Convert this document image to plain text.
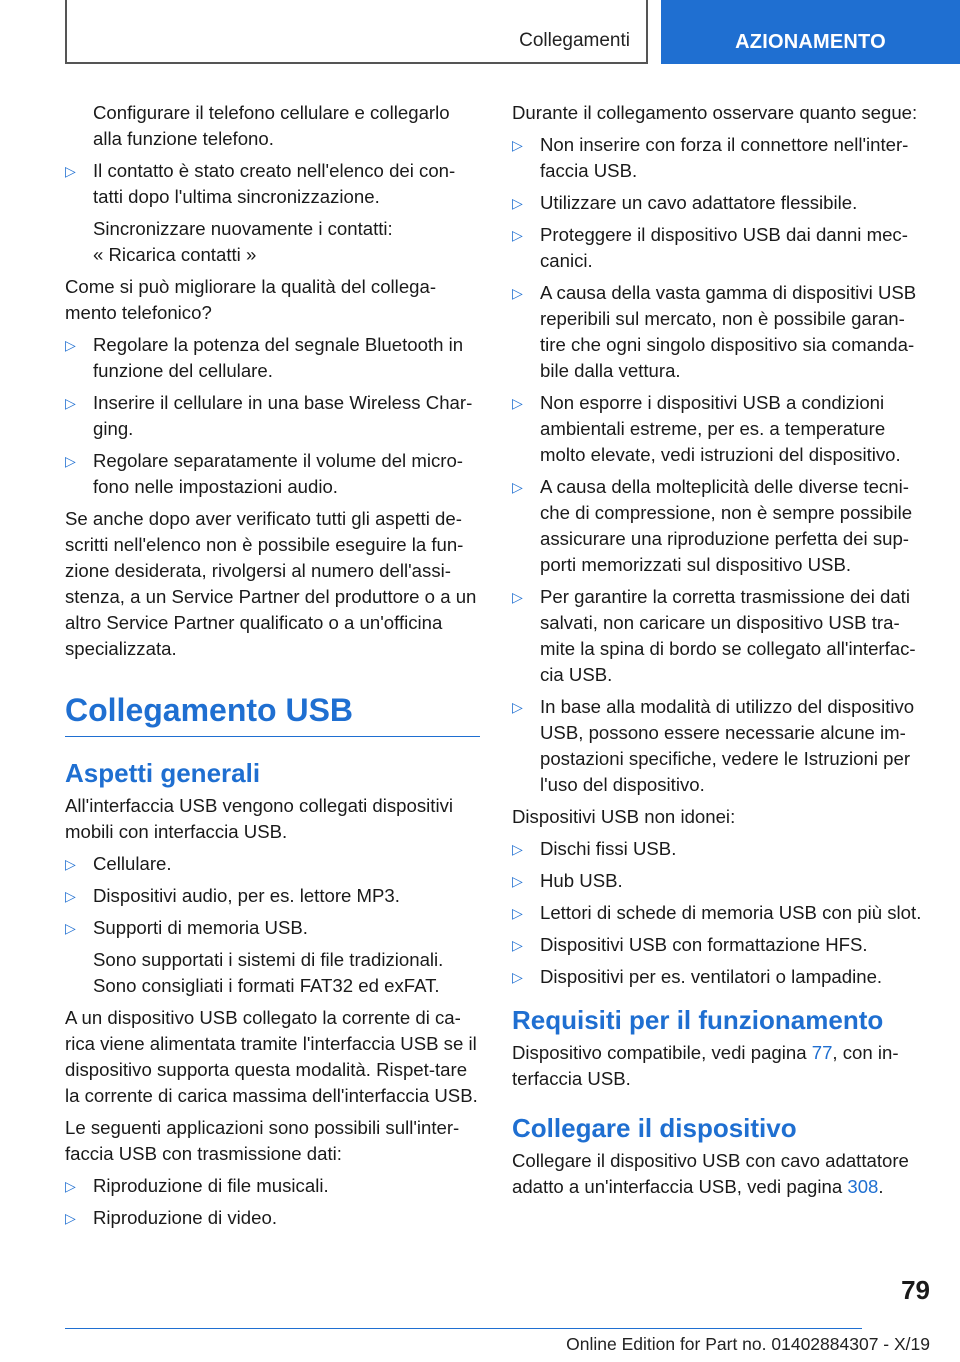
Collegamenti	AZIONAMENTO

Configurare il telefono cellulare e collegarlo alla funzione telefono.

▷ Il contatto è stato creato nell'elenco dei con-tatti dopo l'ultima sincronizzazione.

Sincronizzare nuovamente i contatti:

« Ricarica contatti »

Come si può migliorare la qualità del collega-mento telefonico?

▷ Regolare la potenza del segnale Bluetooth in funzione del cellulare.
▷ Inserire il cellulare in una base Wireless Char-ging.
▷ Regolare separatamente il volume del micro-fono nelle impostazioni audio.

Se anche dopo aver verificato tutti gli aspetti de-scritti nell'elenco non è possibile eseguire la fun-zione desiderata, rivolgersi al numero dell'assi-stenza, a un Service Partner del produttore o a un altro Service Partner qualificato o a un'officina specializzata.

Collegamento USB
Aspetti generali

All'interfaccia USB vengono collegati dispositivi mobili con interfaccia USB.

▷ Cellulare.
▷ Dispositivi audio, per es. lettore MP3.
▷ Supporti di memoria USB.

Sono supportati i sistemi di file tradizionali. Sono consigliati i formati FAT32 ed exFAT.

A un dispositivo USB collegato la corrente di ca-rica viene alimentata tramite l'interfaccia USB se il dispositivo supporta questa modalità. Rispet-tare la corrente di carica massima dell'interfaccia USB.

Le seguenti applicazioni sono possibili sull'inter-faccia USB con trasmissione dati:

▷ Riproduzione di file musicali.
▷ Riproduzione di video.

Durante il collegamento osservare quanto segue:

▷ Non inserire con forza il connettore nell'inter-faccia USB.
▷ Utilizzare un cavo adattatore flessibile.
▷ Proteggere il dispositivo USB dai danni mec-canici.
▷ A causa della vasta gamma di dispositivi USB reperibili sul mercato, non è possibile garan-tire che ogni singolo dispositivo sia comanda-bile dalla vettura.
▷ Non esporre i dispositivi USB a condizioni ambientali estreme, per es. a temperature molto elevate, vedi istruzioni del dispositivo.
▷ A causa della molteplicità delle diverse tecni-che di compressione, non è sempre possibile assicurare una riproduzione perfetta dei sup-porti memorizzati sul dispositivo USB.
▷ Per garantire la corretta trasmissione dei dati salvati, non caricare un dispositivo USB tra-mite la spina di bordo se collegato all'interfac-cia USB.
▷ In base alla modalità di utilizzo del dispositivo USB, possono essere necessarie alcune im-postazioni specifiche, vedere le Istruzioni per l'uso del dispositivo.

Dispositivi USB non idonei:

▷ Dischi fissi USB.
▷ Hub USB.
▷ Lettori di schede di memoria USB con più slot.
▷ Dispositivi USB con formattazione HFS.
▷ Dispositivi per es. ventilatori o lampadine.
Requisiti per il funzionamento

Dispositivo compatibile, vedi pagina 77, con in-terfaccia USB.

Collegare il dispositivo

Collegare il dispositivo USB con cavo adattatore adatto a un'interfaccia USB, vedi pagina 308.

79
Online Edition for Part no. 01402884307 - X/19
